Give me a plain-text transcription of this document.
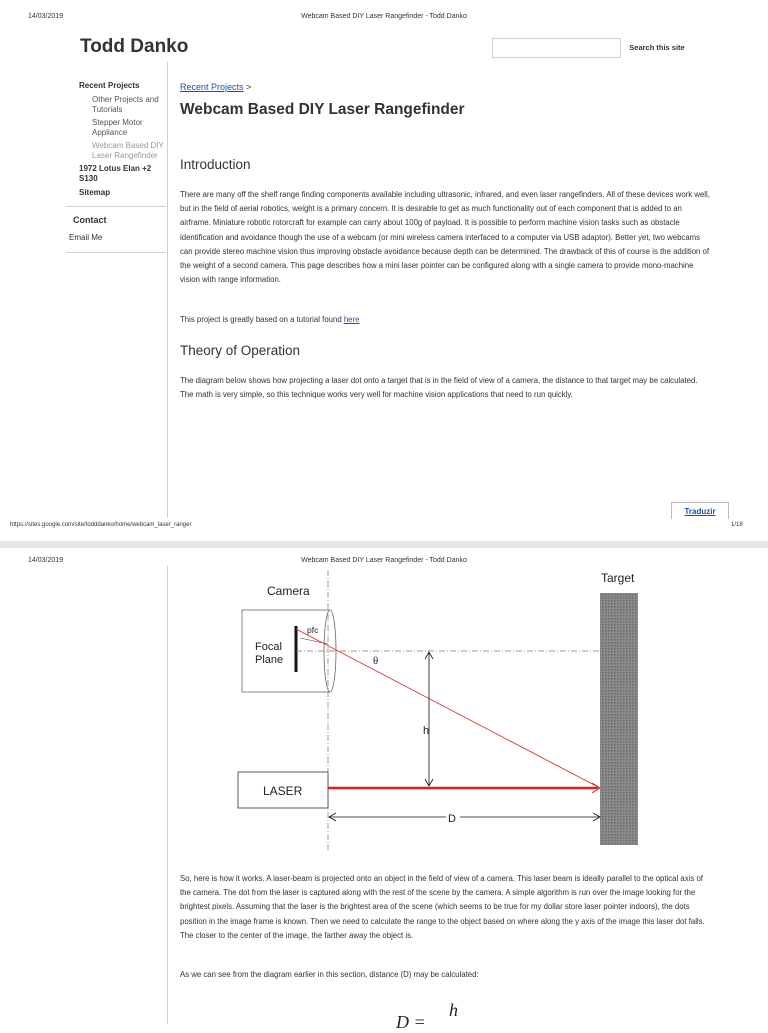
14/03/2019	Webcam Based DIY Laser Rangefinder - Todd Danko
Todd Danko	Search this site
Recent Projects
Other Projects and Tutorials
Stepper Motor Appliance
Webcam Based DIY Laser Rangefinder
1972 Lotus Elan +2 S130
Sitemap
Contact
Email Me
Recent Projects >
Webcam Based DIY Laser Rangefinder
Introduction
There are many off the shelf range finding components available including ultrasonic, infrared, and even laser rangefinders. All of these devices work well, but in the field of aerial robotics, weight is a primary concern. It is desirable to get as much functionality out of each component that is added to an airframe. Miniature robotic rotorcraft for example can carry about 100g of payload. It is possible to perform machine vision tasks such as obstacle identification and avoidance though the use of a webcam (or mini wireless camera interfaced to a computer via USB adaptor). Better yet, two webcams can provide stereo machine vision thus improving obstacle avoidance because depth can be determined. The drawback of this of course is the addition of the weight of a second camera. This page describes how a mini laser pointer can be configured along with a single camera to provide mono-machine vision with range information.
This project is greatly based on a tutorial found here
Theory of Operation
The diagram below shows how projecting a laser dot onto a target that is in the field of view of a camera, the distance to that target may be calculated. The math is very simple, so this technique works very well for machine vision applications that need to run quickly.
Traduzir
https://sites.google.com/site/todddanko/home/webcam_laser_ranger	1/18
14/03/2019	Webcam Based DIY Laser Rangefinder - Todd Danko
Camera
Target
Focal
Plane
pfc
θ
h
LASER
D
So, here is how it works. A laser-beam is projected onto an object in the field of view of a camera. This laser beam is ideally parallel to the optical axis of the camera. The dot from the laser is captured along with the rest of the scene by the camera. A simple algorithm is run over the image looking for the brightest pixels. Assuming that the laser is the brightest area of the scene (which seems to be true for my dollar store laser pointer indoors), the dots position in the image frame is known. Then we need to calculate the range to the object based on where along the y axis of the image this laser dot falls. The closer to the center of the image, the farther away the object is.
As we can see from the diagram earlier in this section, distance (D) may be calculated:
h
D =
